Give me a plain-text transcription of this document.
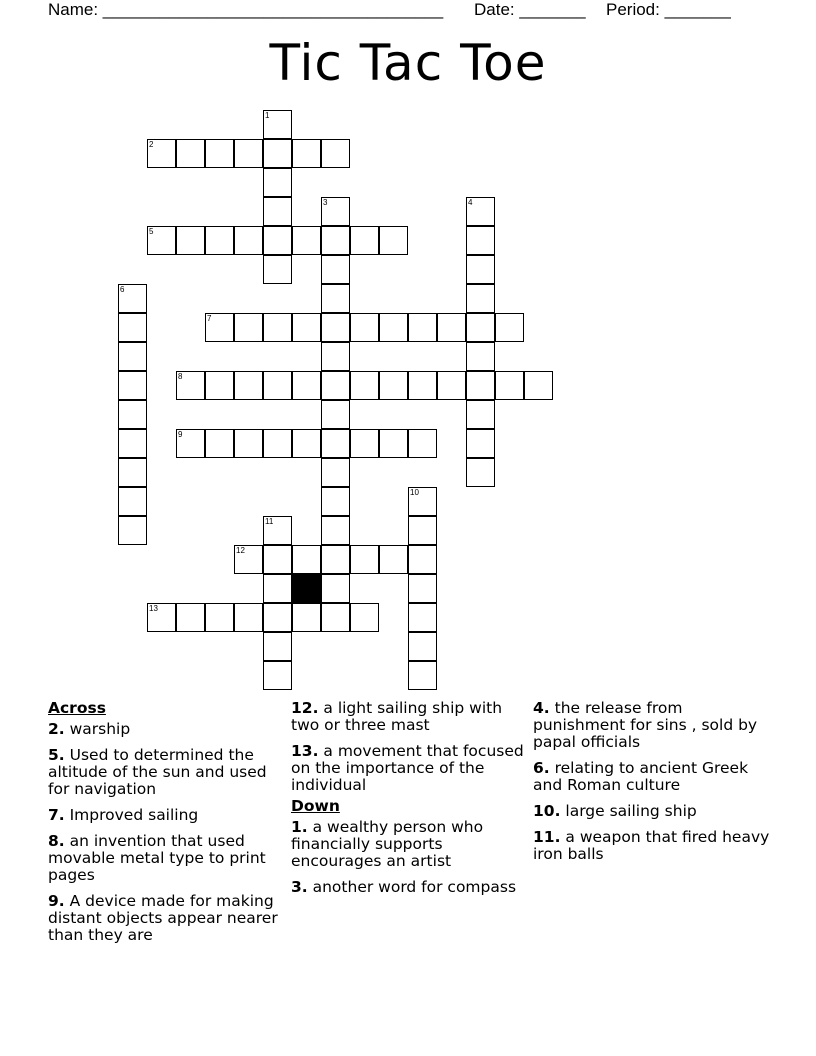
Name: ____________________________________ Date: _______ Period: _______
Tic Tac Toe
1
2
3	4
5
6
7
8
9
10
11
12
13
Across
2. warship
5. Used to determined the altitude of the sun and used for navigation
7. Improved sailing
8. an invention that used movable metal type to print pages
9. A device made for making distant objects appear nearer than they are
12. a light sailing ship with two or three mast
13. a movement that focused on the importance of the individual
Down
1. a wealthy person who financially supports encourages an artist
3. another word for compass
4. the release from punishment for sins , sold by papal officials
6. relating to ancient Greek and Roman culture
10. large sailing ship
11. a weapon that fired heavy iron balls
